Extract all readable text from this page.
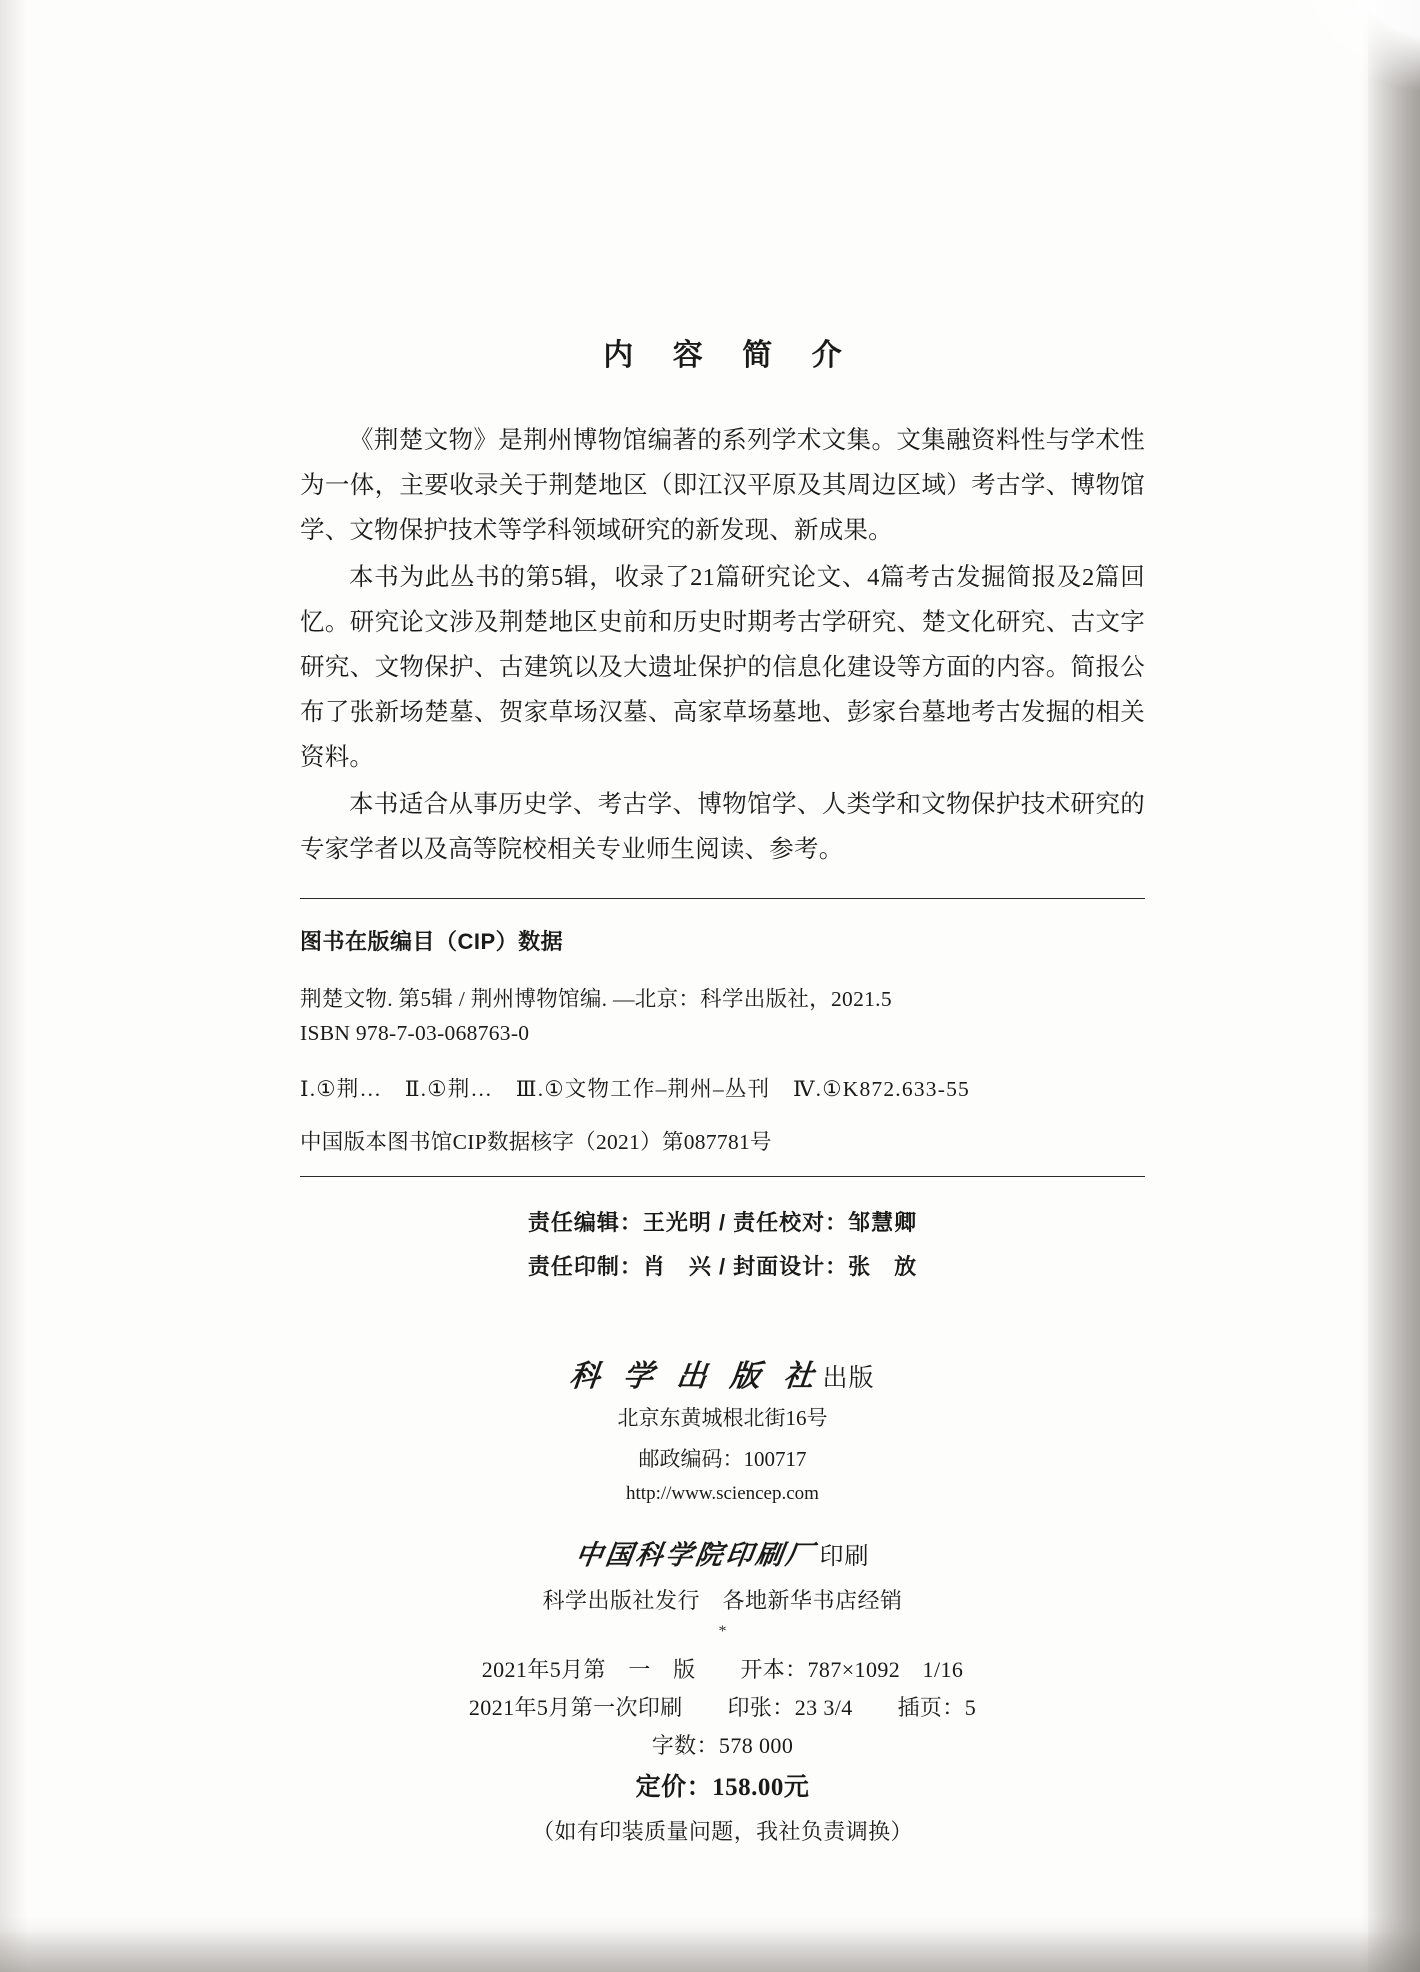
内 容 简 介

《荆楚文物》是荆州博物馆编著的系列学术文集。文集融资料性与学术性为一体，主要收录关于荆楚地区（即江汉平原及其周边区域）考古学、博物馆学、文物保护技术等学科领域研究的新发现、新成果。

本书为此丛书的第5辑，收录了21篇研究论文、4篇考古发掘简报及2篇回忆。研究论文涉及荆楚地区史前和历史时期考古学研究、楚文化研究、古文字研究、文物保护、古建筑以及大遗址保护的信息化建设等方面的内容。简报公布了张新场楚墓、贺家草场汉墓、高家草场墓地、彭家台墓地考古发掘的相关资料。

本书适合从事历史学、考古学、博物馆学、人类学和文物保护技术研究的专家学者以及高等院校相关专业师生阅读、参考。

图书在版编目（CIP）数据
荆楚文物. 第5辑 / 荆州博物馆编. —北京：科学出版社，2021.5
ISBN 978-7-03-068763-0
Ⅰ.①荆…　Ⅱ.①荆…　Ⅲ.①文物工作–荆州–丛刊　Ⅳ.①K872.633-55
中国版本图书馆CIP数据核字（2021）第087781号
责任编辑：王光明 / 责任校对：邹慧卿
责任印制：肖　兴 / 封面设计：张　放
科 学 出 版 社出版
北京东黄城根北街16号
邮政编码：100717
http://www.sciencep.com
中国科学院印刷厂 印刷
科学出版社发行　各地新华书店经销
*
2021年5月第　一　版　　开本：787×1092　1/16
2021年5月第一次印刷　　印张：23 3/4　　插页：5
字数：578 000
定价：158.00元
（如有印装质量问题，我社负责调换）
